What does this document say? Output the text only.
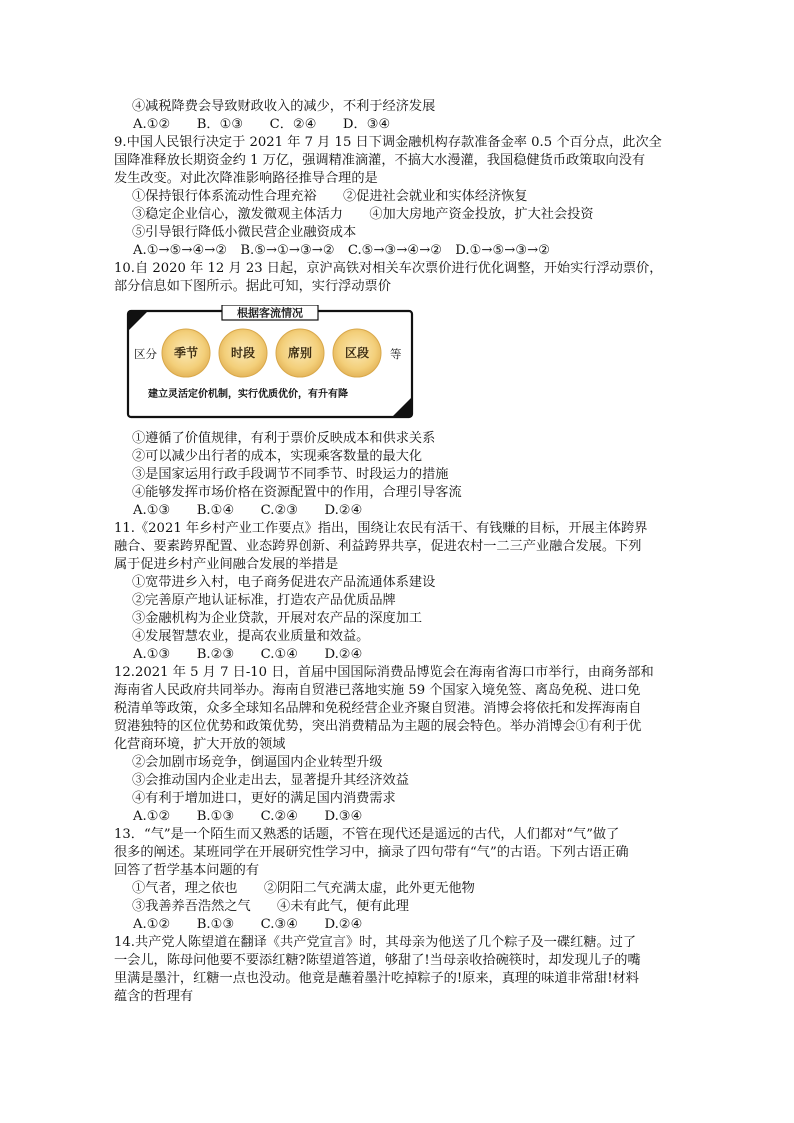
④减税降费会导致财政收入的减少，不利于经济发展
A.①②　　B．①③　　C．②④　　D．③④
9.中国人民银行决定于 2021 年 7 月 15 日下调金融机构存款准备金率 0.5 个百分点，此次全
国降准释放长期资金约 1 万亿，强调精准滴灌，不搞大水漫灌，我国稳健货币政策取向没有
发生改变。对此次降准影响路径推导合理的是
①保持银行体系流动性合理充裕　　②促进社会就业和实体经济恢复
③稳定企业信心，激发微观主体活力　　④加大房地产资金投放，扩大社会投资
⑤引导银行降低小微民营企业融资成本
A.①→⑤→④→②　B.⑤→①→③→②　C.⑤→③→④→②　D.①→⑤→③→②
10.自 2020 年 12 月 23 日起，京沪高铁对相关车次票价进行优化调整，开始实行浮动票价，
部分信息如下图所示。据此可知，实行浮动票价
根据客流情况
区分	等
季节	时段	席别	区段
建立灵活定价机制，实行优质优价，有升有降
①遵循了价值规律，有利于票价反映成本和供求关系
②可以减少出行者的成本，实现乘客数量的最大化
③是国家运用行政手段调节不同季节、时段运力的措施
④能够发挥市场价格在资源配置中的作用，合理引导客流
A.①③　　B.①④　　C.②③　　D.②④
11.《2021 年乡村产业工作要点》指出，围绕让农民有活干、有钱赚的目标，开展主体跨界
融合、要素跨界配置、业态跨界创新、利益跨界共享，促进农村一二三产业融合发展。下列
属于促进乡村产业间融合发展的举措是
①宽带进乡入村，电子商务促进农产品流通体系建设
②完善原产地认证标准，打造农产品优质品牌
③金融机构为企业贷款，开展对农产品的深度加工
④发展智慧农业，提高农业质量和效益。
A.①③　　B.②③　　C.①④　　D.②④
12.2021 年 5 月 7 日-10 日，首届中国国际消费品博览会在海南省海口市举行，由商务部和
海南省人民政府共同举办。海南自贸港已落地实施 59 个国家入境免签、离岛免税、进口免
税清单等政策，众多全球知名品牌和免税经营企业齐聚自贸港。消博会将依托和发挥海南自
贸港独特的区位优势和政策优势，突出消费精品为主题的展会特色。举办消博会①有利于优
化营商环境，扩大开放的领域
②会加剧市场竞争，倒逼国内企业转型升级
③会推动国内企业走出去，显著提升其经济效益
④有利于增加进口，更好的满足国内消费需求
A.①②　　B.①③　　C.②④　　D.③④
13．“气”是一个陌生而又熟悉的话题，不管在现代还是遥远的古代，人们都对“气”做了
很多的阐述。某班同学在开展研究性学习中，摘录了四句带有“气”的古语。下列古语正确
回答了哲学基本问题的有
①气者，理之依也　　②阴阳二气充满太虚，此外更无他物
③我善养吾浩然之气　　④未有此气，便有此理
A.①②　　B.①③　　C.③④　　D.②④
14.共产党人陈望道在翻译《共产党宣言》时，其母亲为他送了几个粽子及一碟红糖。过了
一会儿，陈母问他要不要添红糖?陈望道答道，够甜了!当母亲收拾碗筷时，却发现儿子的嘴
里满是墨汁，红糖一点也没动。他竟是蘸着墨汁吃掉粽子的!原来，真理的味道非常甜!材料
蕴含的哲理有
